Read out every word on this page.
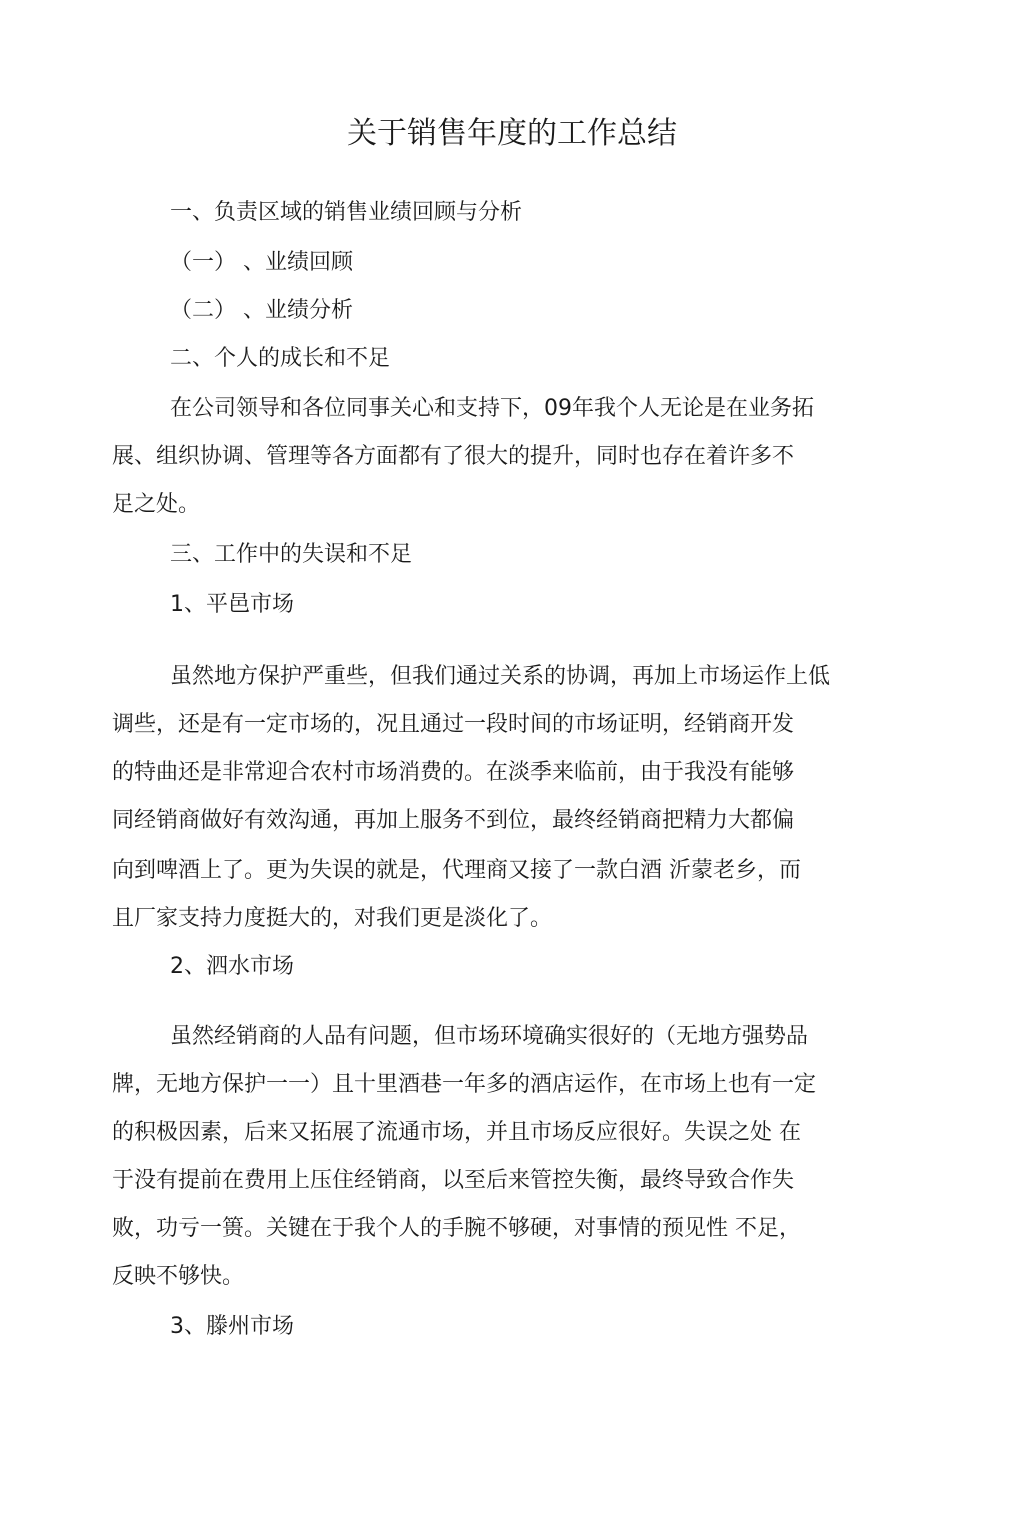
关于销售年度的工作总结

一、负责区域的销售业绩回顾与分析

（一） 、业绩回顾

（二） 、业绩分析

二、个人的成长和不足

在公司领导和各位同事关心和支持下，09年我个人无论是在业务拓

展、组织协调、管理等各方面都有了很大的提升，同时也存在着许多不

足之处。

三、工作中的失误和不足

1、平邑市场

虽然地方保护严重些，但我们通过关系的协调，再加上市场运作上低

调些，还是有一定市场的，况且通过一段时间的市场证明，经销商开发

的特曲还是非常迎合农村市场消费的。在淡季来临前，由于我没有能够

同经销商做好有效沟通，再加上服务不到位，最终经销商把精力大都偏

向到啤酒上了。更为失误的就是，代理商又接了一款白酒 沂蒙老乡，而

且厂家支持力度挺大的，对我们更是淡化了。

2、泗水市场

虽然经销商的人品有问题，但市场环境确实很好的（无地方强势品

牌，无地方保护一一）且十里酒巷一年多的酒店运作，在市场上也有一定

的积极因素，后来又拓展了流通市场，并且市场反应很好。失误之处 在

于没有提前在费用上压住经销商，以至后来管控失衡，最终导致合作失

败，功亏一篑。关键在于我个人的手腕不够硬，对事情的预见性 不足，

反映不够快。

3、滕州市场
